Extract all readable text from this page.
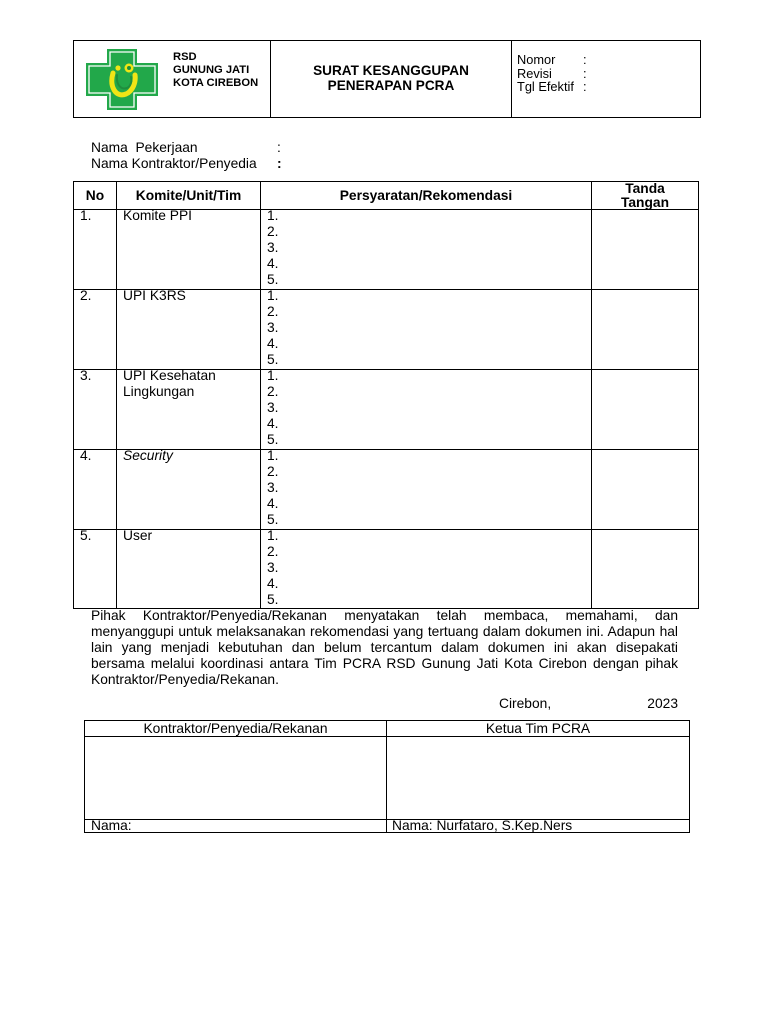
RSD
GUNUNG JATI
KOTA CIREBON
SURAT KESANGGUPAN
PENERAPAN PCRA
Nomor	:
Revisi	:
Tgl Efektif :
Nama  Pekerjaan	:
Nama Kontraktor/Penyedia	:
No	Komite/Unit/Tim	Persyaratan/Rekomendasi	Tanda Tangan
1.	Komite PPI	1.
2.
3.
4.
5.
2.	UPI K3RS	1.
2.
3.
4.
5.
3.	UPI Kesehatan Lingkungan
1.
2.
3.
4.
5.
4.	Security	1.
2.
3.
4.
5.
5.	User	1.
2.
3.
4.
5.
Pihak Kontraktor/Penyedia/Rekanan menyatakan telah membaca, memahami, dan
menyanggupi untuk melaksanakan rekomendasi yang tertuang dalam dokumen ini. Adapun hal
lain yang menjadi kebutuhan dan belum tercantum dalam dokumen ini akan disepakati
bersama melalui koordinasi antara Tim PCRA RSD Gunung Jati Kota Cirebon dengan pihak
Kontraktor/Penyedia/Rekanan.
Cirebon,	2023
Kontraktor/Penyedia/Rekanan	Ketua Tim PCRA
Nama:	Nama: Nurfataro, S.Kep.Ners
